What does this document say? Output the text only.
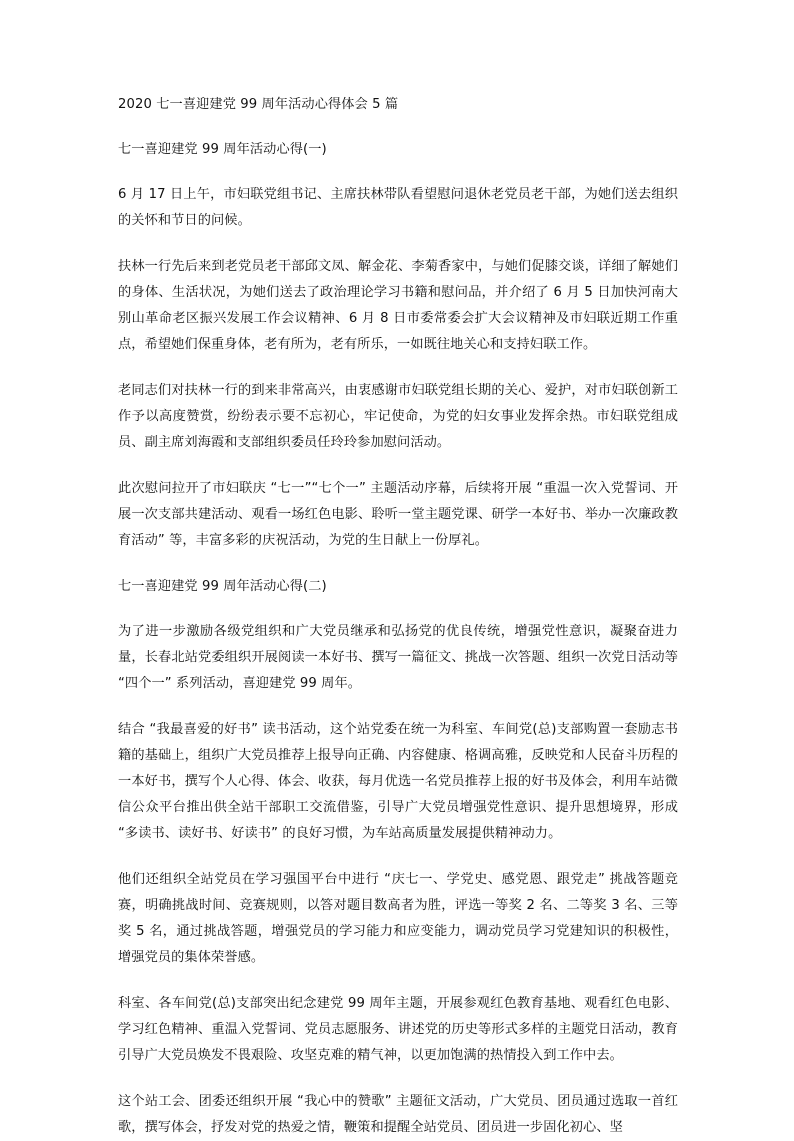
2020 七一喜迎建党 99 周年活动心得体会 5 篇

七一喜迎建党 99 周年活动心得(一)

6 月 17 日上午，市妇联党组书记、主席扶林带队看望慰问退休老党员老干部，为她们送去组织的关怀和节日的问候。

扶林一行先后来到老党员老干部邱文凤、解金花、李菊香家中，与她们促膝交谈，详细了解她们的身体、生活状况，为她们送去了政治理论学习书籍和慰问品，并介绍了 6 月 5 日加快河南大别山革命老区振兴发展工作会议精神、6 月 8 日市委常委会扩大会议精神及市妇联近期工作重点，希望她们保重身体，老有所为，老有所乐，一如既往地关心和支持妇联工作。

老同志们对扶林一行的到来非常高兴，由衷感谢市妇联党组长期的关心、爱护，对市妇联创新工作予以高度赞赏，纷纷表示要不忘初心，牢记使命，为党的妇女事业发挥余热。市妇联党组成员、副主席刘海霞和支部组织委员任玲玲参加慰问活动。

此次慰问拉开了市妇联庆 “七一”“七个一” 主题活动序幕，后续将开展 “重温一次入党誓词、开展一次支部共建活动、观看一场红色电影、聆听一堂主题党课、研学一本好书、举办一次廉政教育活动” 等，丰富多彩的庆祝活动，为党的生日献上一份厚礼。

七一喜迎建党 99 周年活动心得(二)

为了进一步激励各级党组织和广大党员继承和弘扬党的优良传统，增强党性意识，凝聚奋进力量，长春北站党委组织开展阅读一本好书、撰写一篇征文、挑战一次答题、组织一次党日活动等 “四个一” 系列活动，喜迎建党 99 周年。

结合 “我最喜爱的好书” 读书活动，这个站党委在统一为科室、车间党(总)支部购置一套励志书籍的基础上，组织广大党员推荐上报导向正确、内容健康、格调高雅，反映党和人民奋斗历程的一本好书，撰写个人心得、体会、收获，每月优选一名党员推荐上报的好书及体会，利用车站微信公众平台推出供全站干部职工交流借鉴，引导广大党员增强党性意识、提升思想境界，形成 “多读书、读好书、好读书” 的良好习惯，为车站高质量发展提供精神动力。

他们还组织全站党员在学习强国平台中进行 “庆七一、学党史、感党恩、跟党走” 挑战答题竞赛，明确挑战时间、竞赛规则，以答对题目数高者为胜，评选一等奖 2 名、二等奖 3 名、三等奖 5 名，通过挑战答题，增强党员的学习能力和应变能力，调动党员学习党建知识的积极性，增强党员的集体荣誉感。

科室、各车间党(总)支部突出纪念建党 99 周年主题，开展参观红色教育基地、观看红色电影、学习红色精神、重温入党誓词、党员志愿服务、讲述党的历史等形式多样的主题党日活动，教育引导广大党员焕发不畏艰险、攻坚克难的精气神，以更加饱满的热情投入到工作中去。

这个站工会、团委还组织开展 “我心中的赞歌” 主题征文活动，广大党员、团员通过选取一首红歌，撰写体会，抒发对党的热爱之情，鞭策和提醒全站党员、团员进一步固化初心、坚
